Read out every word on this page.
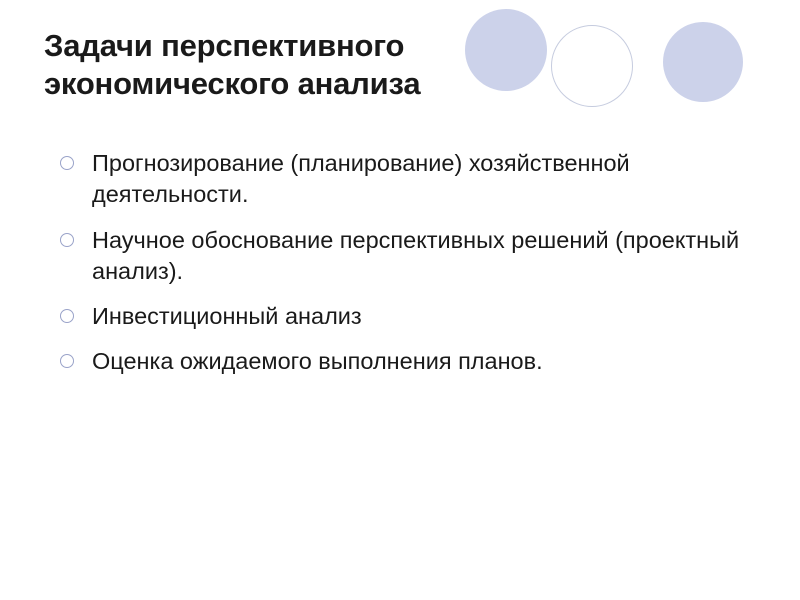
Задачи перспективного экономического анализа
Прогнозирование (планирование) хозяйственной деятельности.
Научное обоснование перспективных решений (проектный анализ).
Инвестиционный анализ
Оценка ожидаемого выполнения планов.
